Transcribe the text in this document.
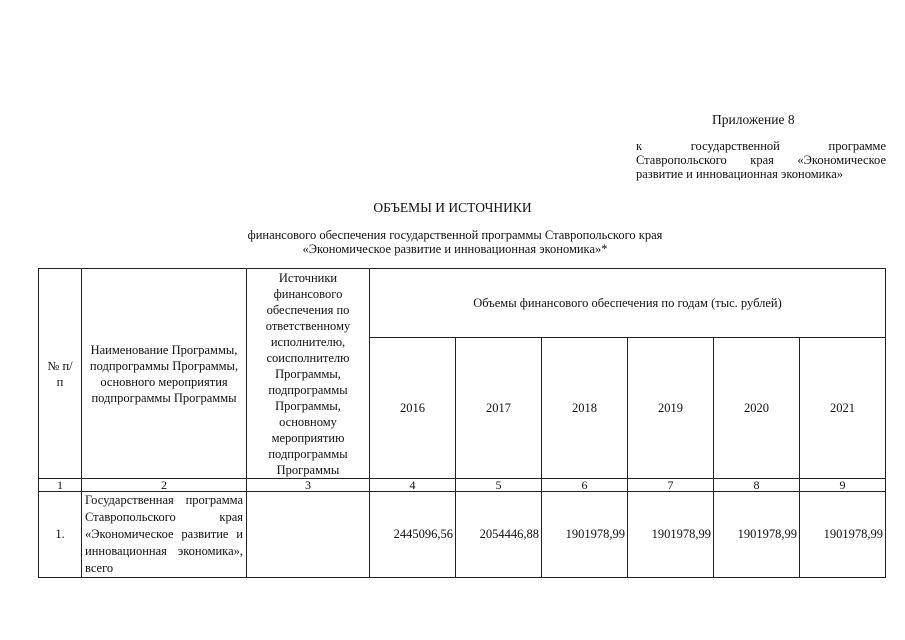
Приложение 8
к государственной программе Ставропольского края «Экономическое развитие и инновационная экономика»
ОБЪЕМЫ И ИСТОЧНИКИ
финансового обеспечения государственной программы Ставропольского края
«Экономическое развитие и инновационная экономика»*
№ п/п	Наименование Программы, подпрограммы Программы, основного мероприятия подпрограммы Программы	Источники финансового обеспечения по ответственному исполнителю, соисполнителю Программы, подпрограммы Программы, основному мероприятию подпрограммы Программы	Объемы финансового обеспечения по годам (тыс. рублей)					
			2016	2017	2018	2019	2020	2021
1	2	3	4	5	6	7	8	9
1.	Государственная программа Ставропольского края «Экономическое развитие и инновационная экономика», всего		2445096,56	2054446,88	1901978,99	1901978,99	1901978,99	1901978,99
